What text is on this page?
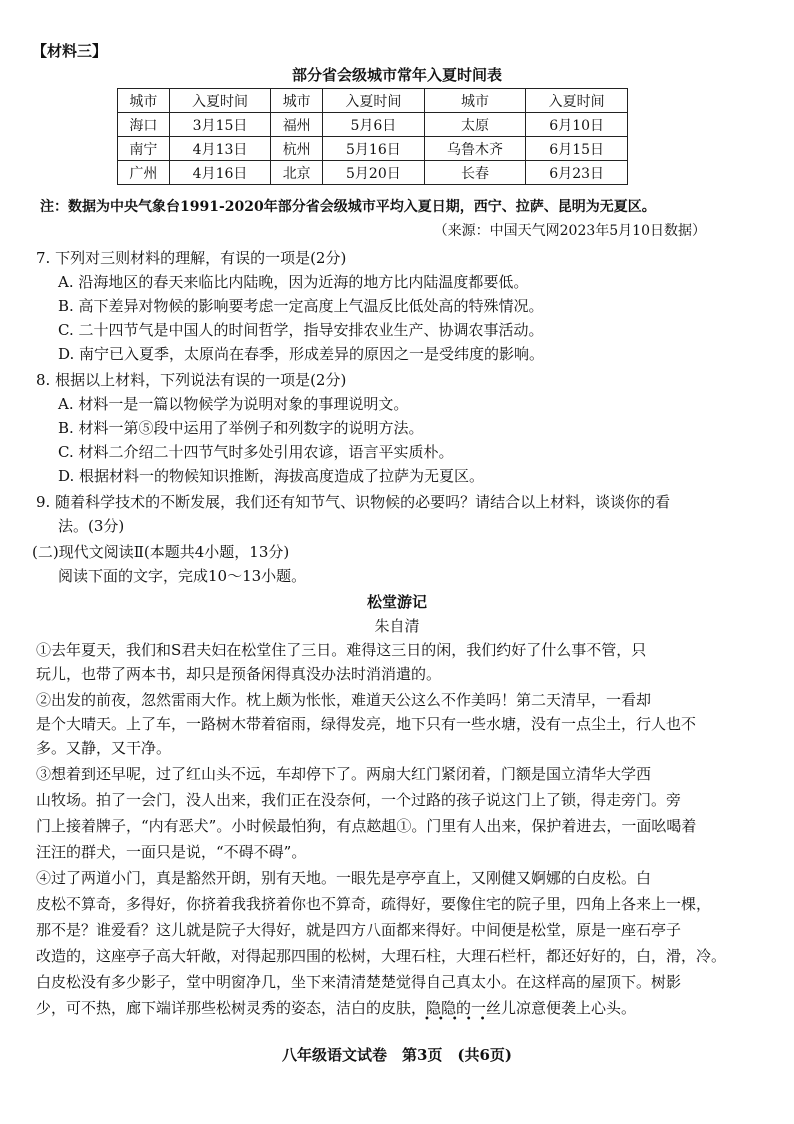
【材料三】
部分省会级城市常年入夏时间表
城市	入夏时间	城市	入夏时间	城市	入夏时间
海口	3月15日	福州	5月6日	太原	6月10日
南宁	4月13日	杭州	5月16日	乌鲁木齐	6月15日
广州	4月16日	北京	5月20日	长春	6月23日
注：数据为中央气象台1991-2020年部分省会级城市平均入夏日期，西宁、拉萨、昆明为无夏区。
（来源：中国天气网2023年5月10日数据）
7. 下列对三则材料的理解，有误的一项是(2分)
A. 沿海地区的春天来临比内陆晚，因为近海的地方比内陆温度都要低。
B. 高下差异对物候的影响要考虑一定高度上气温反比低处高的特殊情况。
C. 二十四节气是中国人的时间哲学，指导安排农业生产、协调农事活动。
D. 南宁已入夏季，太原尚在春季，形成差异的原因之一是受纬度的影响。
8. 根据以上材料，下列说法有误的一项是(2分)
A. 材料一是一篇以物候学为说明对象的事理说明文。
B. 材料一第⑤段中运用了举例子和列数字的说明方法。
C. 材料二介绍二十四节气时多处引用农谚，语言平实质朴。
D. 根据材料一的物候知识推断，海拔高度造成了拉萨为无夏区。
9. 随着科学技术的不断发展，我们还有知节气、识物候的必要吗？请结合以上材料，谈谈你的看
法。(3分)
(二)现代文阅读Ⅱ(本题共4小题，13分)
阅读下面的文字，完成10～13小题。
松堂游记
朱自清
①去年夏天，我们和S君夫妇在松堂住了三日。难得这三日的闲，我们约好了什么事不管，只
玩儿，也带了两本书，却只是预备闲得真没办法时消消遣的。
②出发的前夜，忽然雷雨大作。枕上颇为怅怅，难道天公这么不作美吗！第二天清早，一看却
是个大晴天。上了车，一路树木带着宿雨，绿得发亮，地下只有一些水塘，没有一点尘土，行人也不
多。又静，又干净。
③想着到还早呢，过了红山头不远，车却停下了。两扇大红门紧闭着，门额是国立清华大学西
山牧场。拍了一会门，没人出来，我们正在没奈何，一个过路的孩子说这门上了锁，得走旁门。旁
门上接着牌子，“内有恶犬”。小时候最怕狗，有点趑趄①。门里有人出来，保护着进去，一面吆喝着
汪汪的群犬，一面只是说，“不碍不碍”。
④过了两道小门，真是豁然开朗，别有天地。一眼先是亭亭直上，又刚健又婀娜的白皮松。白
皮松不算奇，多得好，你挤着我我挤着你也不算奇，疏得好，要像住宅的院子里，四角上各来上一棵，
那不是？谁爱看？这儿就是院子大得好，就是四方八面都来得好。中间便是松堂，原是一座石亭子
改造的，这座亭子高大轩敞，对得起那四围的松树，大理石柱，大理石栏杆，都还好好的，白，滑，冷。
白皮松没有多少影子，堂中明窗净几，坐下来清清楚楚觉得自己真太小。在这样高的屋顶下。树影
少，可不热，廊下端详那些松树灵秀的姿态，洁白的皮肤，隐隐的一丝儿凉意便袭上心头。
•••••
八年级语文试卷　第3页　(共6页)
